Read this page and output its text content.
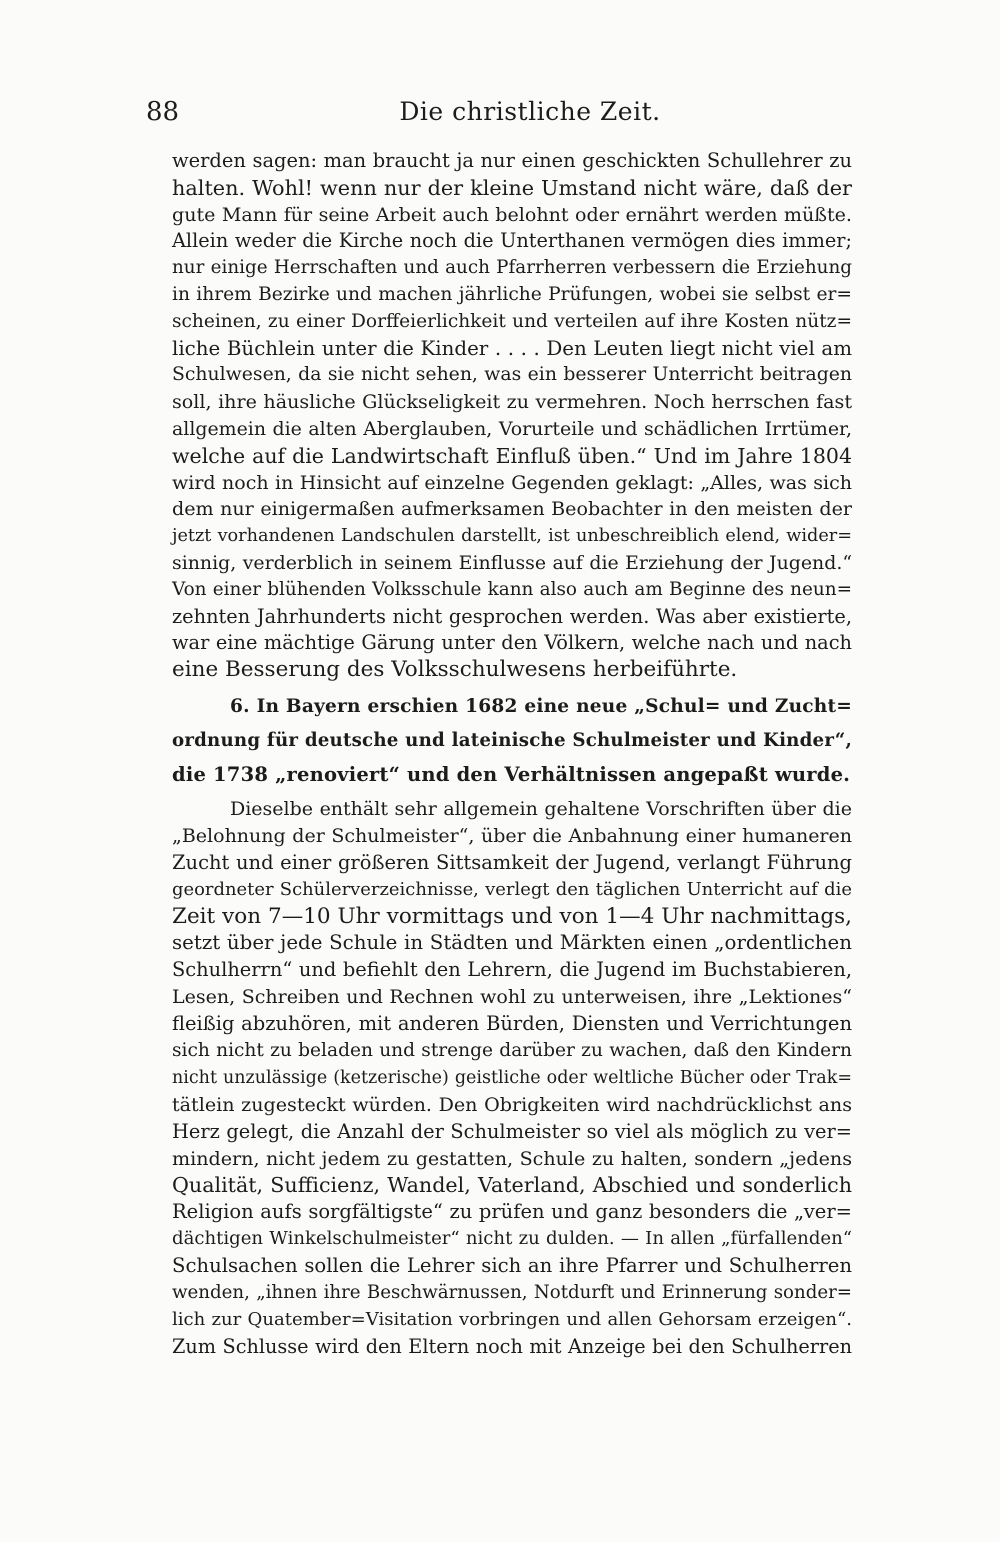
88	Die christliche Zeit.
werden sagen: man braucht ja nur einen geschickten Schullehrer zu
halten. Wohl! wenn nur der kleine Umstand nicht wäre, daß der
gute Mann für seine Arbeit auch belohnt oder ernährt werden müßte.
Allein weder die Kirche noch die Unterthanen vermögen dies immer;
nur einige Herrschaften und auch Pfarrherren verbessern die Erziehung
in ihrem Bezirke und machen jährliche Prüfungen, wobei sie selbst er=
scheinen, zu einer Dorffeierlichkeit und verteilen auf ihre Kosten nütz=
liche Büchlein unter die Kinder . . . . Den Leuten liegt nicht viel am
Schulwesen, da sie nicht sehen, was ein besserer Unterricht beitragen
soll, ihre häusliche Glückseligkeit zu vermehren. Noch herrschen fast
allgemein die alten Aberglauben, Vorurteile und schädlichen Irrtümer,
welche auf die Landwirtschaft Einfluß üben.“ Und im Jahre 1804
wird noch in Hinsicht auf einzelne Gegenden geklagt: „Alles, was sich
dem nur einigermaßen aufmerksamen Beobachter in den meisten der
jetzt vorhandenen Landschulen darstellt, ist unbeschreiblich elend, wider=
sinnig, verderblich in seinem Einflusse auf die Erziehung der Jugend.“
Von einer blühenden Volksschule kann also auch am Beginne des neun=
zehnten Jahrhunderts nicht gesprochen werden. Was aber existierte,
war eine mächtige Gärung unter den Völkern, welche nach und nach
eine Besserung des Volksschulwesens herbeiführte.
6. In Bayern erschien 1682 eine neue „Schul= und Zucht=
ordnung für deutsche und lateinische Schulmeister und Kinder“,
die 1738 „renoviert“ und den Verhältnissen angepaßt wurde.
Dieselbe enthält sehr allgemein gehaltene Vorschriften über die
„Belohnung der Schulmeister“, über die Anbahnung einer humaneren
Zucht und einer größeren Sittsamkeit der Jugend, verlangt Führung
geordneter Schülerverzeichnisse, verlegt den täglichen Unterricht auf die
Zeit von 7—10 Uhr vormittags und von 1—4 Uhr nachmittags,
setzt über jede Schule in Städten und Märkten einen „ordentlichen
Schulherrn“ und befiehlt den Lehrern, die Jugend im Buchstabieren,
Lesen, Schreiben und Rechnen wohl zu unterweisen, ihre „Lektiones“
fleißig abzuhören, mit anderen Bürden, Diensten und Verrichtungen
sich nicht zu beladen und strenge darüber zu wachen, daß den Kindern
nicht unzulässige (ketzerische) geistliche oder weltliche Bücher oder Trak=
tätlein zugesteckt würden. Den Obrigkeiten wird nachdrücklichst ans
Herz gelegt, die Anzahl der Schulmeister so viel als möglich zu ver=
mindern, nicht jedem zu gestatten, Schule zu halten, sondern „jedens
Qualität, Sufficienz, Wandel, Vaterland, Abschied und sonderlich
Religion aufs sorgfältigste“ zu prüfen und ganz besonders die „ver=
dächtigen Winkelschulmeister“ nicht zu dulden. — In allen „fürfallenden“
Schulsachen sollen die Lehrer sich an ihre Pfarrer und Schulherren
wenden, „ihnen ihre Beschwärnussen, Notdurft und Erinnerung sonder=
lich zur Quatember=Visitation vorbringen und allen Gehorsam erzeigen“.
Zum Schlusse wird den Eltern noch mit Anzeige bei den Schulherren
